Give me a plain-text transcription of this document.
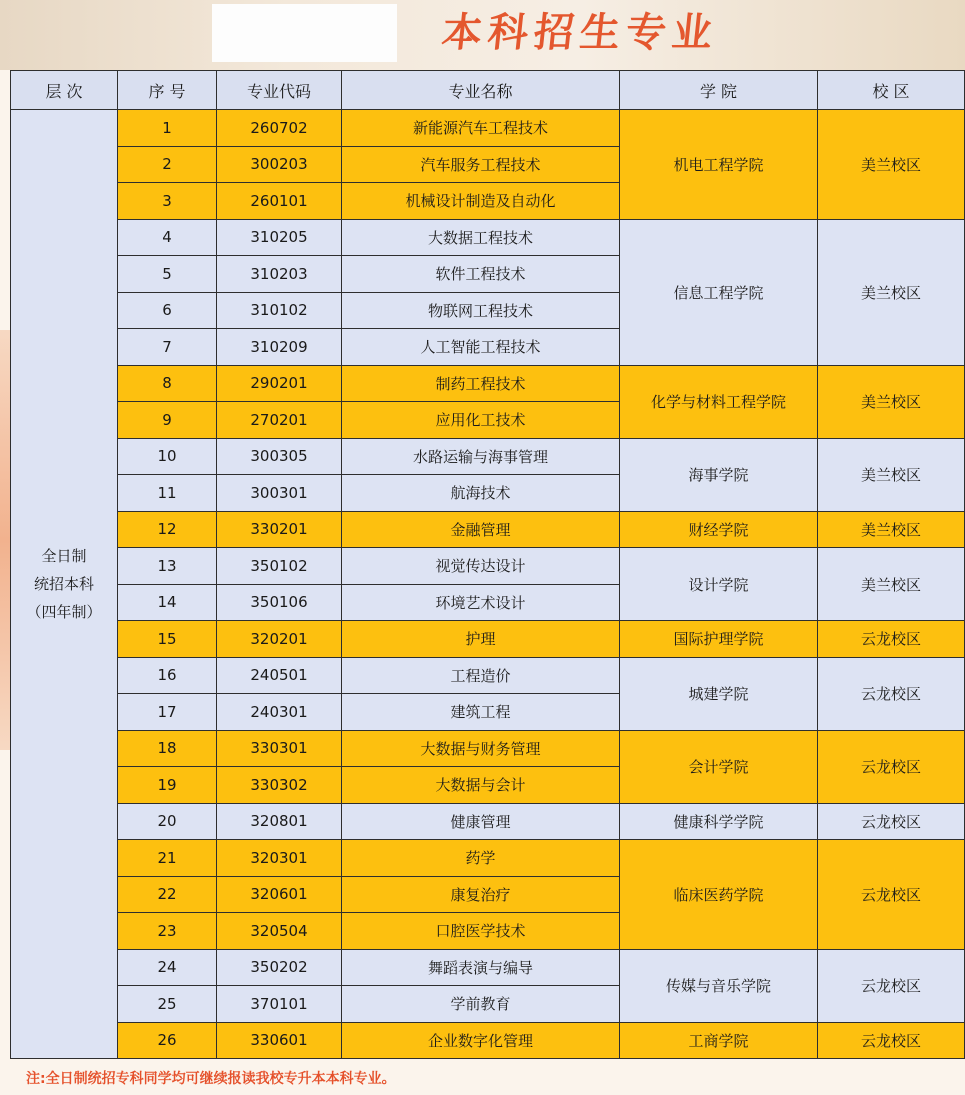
本科招生专业
层 次	序 号	专业代码	专业名称	学 院	校 区

全日制
统招本科
（四年制）	1	260702	新能源汽车工程技术	机电工程学院	美兰校区
	2	300203	汽车服务工程技术		
	3	260101	机械设计制造及自动化		
	4	310205	大数据工程技术	信息工程学院	美兰校区
	5	310203	软件工程技术		
	6	310102	物联网工程技术		
	7	310209	人工智能工程技术		
	8	290201	制药工程技术	化学与材料工程学院	美兰校区
	9	270201	应用化工技术		
	10	300305	水路运输与海事管理	海事学院	美兰校区
	11	300301	航海技术		
	12	330201	金融管理	财经学院	美兰校区
	13	350102	视觉传达设计	设计学院	美兰校区
	14	350106	环境艺术设计		
	15	320201	护理	国际护理学院	云龙校区
	16	240501	工程造价	城建学院	云龙校区
	17	240301	建筑工程		
	18	330301	大数据与财务管理	会计学院	云龙校区
	19	330302	大数据与会计		
	20	320801	健康管理	健康科学学院	云龙校区
	21	320301	药学	临床医药学院	云龙校区
	22	320601	康复治疗		
	23	320504	口腔医学技术		
	24	350202	舞蹈表演与编导	传媒与音乐学院	云龙校区
	25	370101	学前教育		
	26	330601	企业数字化管理	工商学院	云龙校区
注:全日制统招专科同学均可继续报读我校专升本本科专业。
